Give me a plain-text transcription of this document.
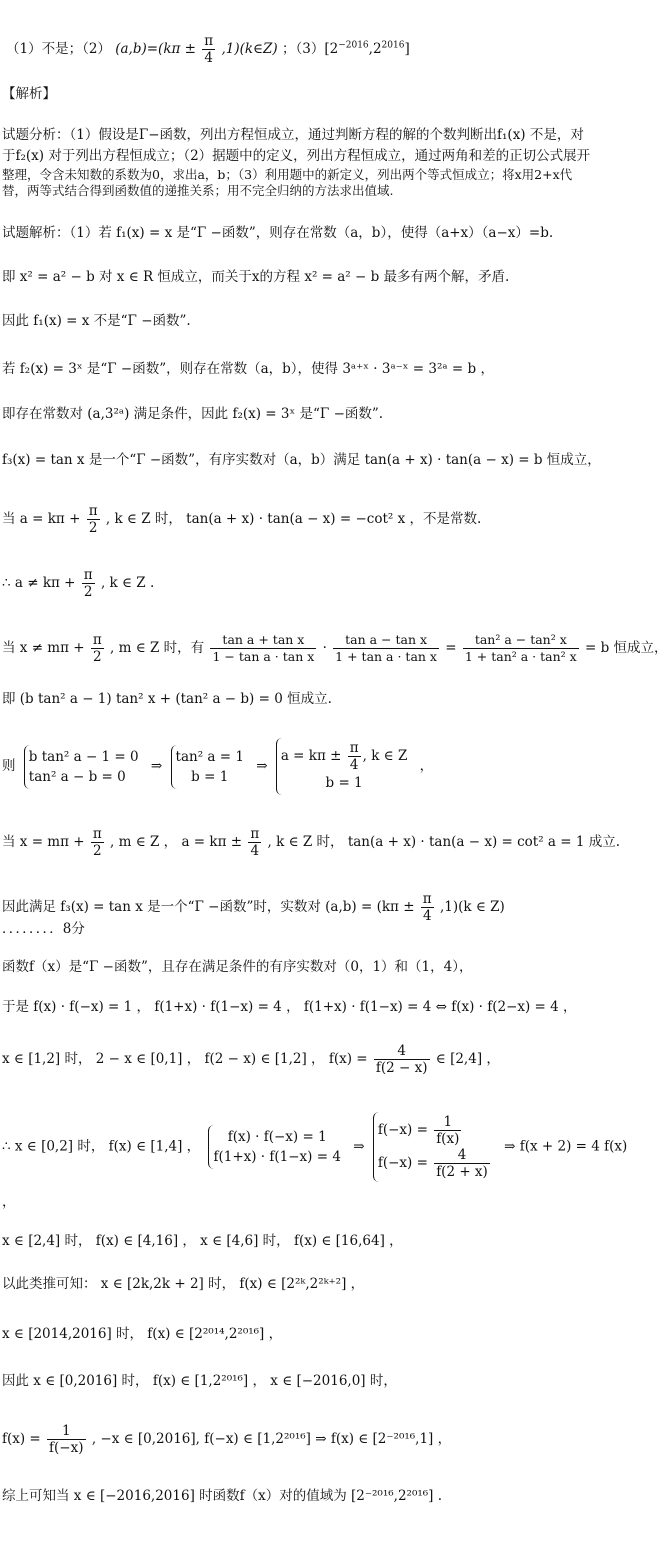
（1）不是；（2） $(a,b)=(k\pi \pm \frac{\pi}{4}$ ,1)(k∈Z) ；$(3)[2^{-2016},2^{2016}]$
【解析】
试题分析：（1）假设是Γ−函数，列出方程恒成立，通过判断方程的解的个数判断出f₁(x) 不是，对
于f₂(x) 对于列出方程恒成立；（2）据题中的定义，列出方程恒成立，通过两角和差的正切公式展开
整理，令含未知数的系数为0，求出a，b；（3）利用题中的新定义，列出两个等式恒成立；将x用2+x代
替，两等式结合得到函数值的递推关系；用不完全归纳的方法求出值域.
试题解析：（1）若 f₁(x) = x 是“Γ −函数”，则存在常数（a，b），使得（a+x）（a−x）=b.
即 x² = a² − b 对 x ∈ R 恒成立，而关于x的方程 x² = a² − b 最多有两个解，矛盾.
因此 f₁(x) = x 不是“Γ −函数”.
若 f₂(x) = 3ˣ 是“Γ −函数”，则存在常数（a，b），使得 3ᵃ⁺ˣ · 3ᵃ⁻ˣ = 3²ᵃ = b ，
即存在常数对 (a,3²ᵃ) 满足条件，因此 f₂(x) = 3ˣ 是“Γ −函数”.
f₃(x) = tan x 是一个“Γ −函数”，有序实数对（a，b）满足 tan(a + x) · tan(a − x) = b 恒成立，
当 $a = k\pi + \frac{\pi}{2}$ , k ∈ Z 时， tan(a + x) · tan(a − x) = −cot² x ，不是常数.
∴ $a \ne k\pi + \frac{\pi}{2}$ , k ∈ Z .
当 $x \ne m\pi + \frac{\pi}{2}$ , m ∈ Z 时，有 $\frac{\text{tan a + tan x}}{\text{1 − tan a · tan x}} \cdot \frac{\text{tan a − tan x}}{\text{1 + tan a · tan x}} = \frac{\text{tan² a − tan² x}}{\text{1 + tan² a · tan² x}} = b$ 恒成立，
即 (b tan² a − 1) tan² x + (tan² a − b) = 0 恒成立.
则
b tan² a − 1 = 0
tan² a − b = 0
⇒
tan² a = 1
b = 1
⇒
$a = k\pi \pm \frac{\pi}{4}$ , k ∈ Z
b = 1
，
当 $x = m\pi + \frac{\pi}{2}$ , m ∈ Z ， $a = k\pi \pm \frac{\pi}{4}$ , k ∈ Z 时， tan(a + x) · tan(a − x) = cot² a = 1 成立.
因此满足 f₃(x) = tan x 是一个“Γ −函数”时，实数对 $(a,b) = (k\pi \pm \frac{\pi}{4} ,1)(k$ ∈ Z)
．．．．．．．．8分
函数f（x）是“Γ −函数”，且存在满足条件的有序实数对（0，1）和（1，4），
于是 f(x) · f(−x) = 1 ， f(1+x) · f(1−x) = 4 ， f(1+x) · f(1−x) = 4 ⇔ f(x) · f(2−x) = 4 ，
x ∈ [1,2] 时， 2 − x ∈ [0,1] ， f(2 − x) ∈ [1,2] ， $f(x) = \frac{4}{f(2 - x)}$ ∈ [2,4] ，
∴ x ∈ [0,2] 时， f(x) ∈ [1,4] ，
f(x) · f(−x) = 1
f(1+x) · f(1−x) = 4
⇒
$f(-x) = \frac{1}{f(x)}$
$f(-x) = \frac{4}{f(2 + x)}$
⇒ f(x + 2) = 4 f(x)
，
x ∈ [2,4] 时， f(x) ∈ [4,16] ， x ∈ [4,6] 时， f(x) ∈ [16,64] ，
以此类推可知： x ∈ [2k,2k + 2] 时， f(x) ∈ [2²ᵏ,2²ᵏ⁺²] ，
x ∈ [2014,2016] 时， f(x) ∈ [2²⁰¹⁴,2²⁰¹⁶] ，
因此 x ∈ [0,2016] 时， f(x) ∈ [1,2²⁰¹⁶] ， x ∈ [−2016,0] 时，
$f(x) = \frac{1}{f(-x)}$ , −x ∈ [0,2016], f(−x) ∈ [1,2²⁰¹⁶] ⇒ f(x) ∈ [2⁻²⁰¹⁶,1] ，
综上可知当 x ∈ [−2016,2016] 时函数f（x）对的值域为 [2⁻²⁰¹⁶,2²⁰¹⁶] .
